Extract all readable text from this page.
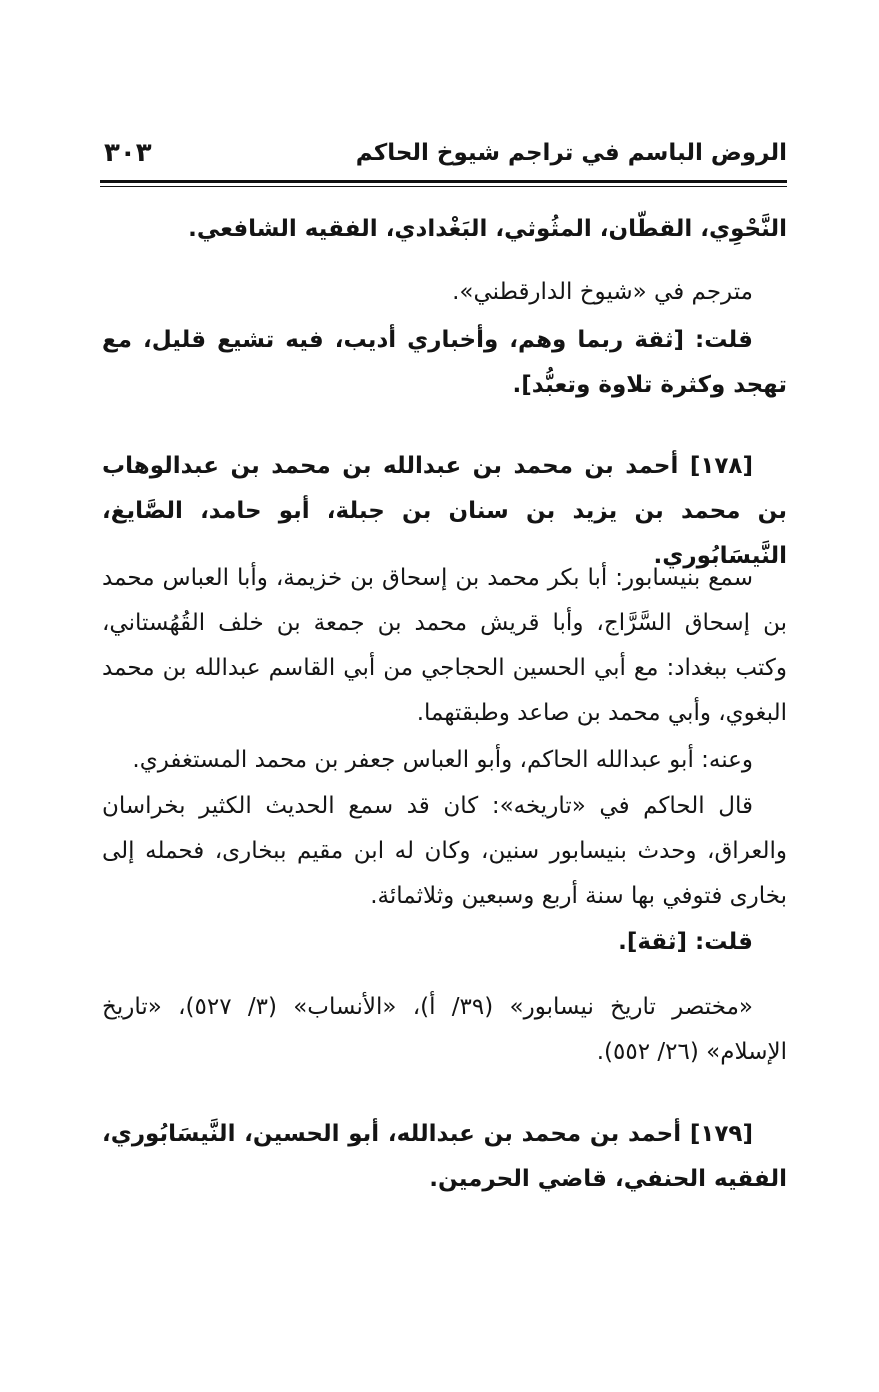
الروض الباسم في تراجم شيوخ الحاكم
٣٠٣

النَّحْوِي، القطّان، المثُوثي، البَغْدادي، الفقيه الشافعي.

مترجم في «شيوخ الدارقطني».

قلت: [ثقة ربما وهم، وأخباري أديب، فيه تشيع قليل، مع تهجد وكثرة تلاوة وتعبُّد].

[١٧٨] أحمد بن محمد بن عبدالله بن محمد بن عبدالوهاب بن محمد بن يزيد بن سنان بن جبلة، أبو حامد، الصَّايغ، النَّيسَابُوري.

سمع بنيسابور: أبا بكر محمد بن إسحاق بن خزيمة، وأبا العباس محمد بن إسحاق السَّرَّاج، وأبا قريش محمد بن جمعة بن خلف القُهُستاني، وكتب ببغداد: مع أبي الحسين الحجاجي من أبي القاسم عبدالله بن محمد البغوي، وأبي محمد بن صاعد وطبقتهما.

وعنه: أبو عبدالله الحاكم، وأبو العباس جعفر بن محمد المستغفري.

قال الحاكم في «تاريخه»: كان قد سمع الحديث الكثير بخراسان والعراق، وحدث بنيسابور سنين، وكان له ابن مقيم ببخارى، فحمله إلى بخارى فتوفي بها سنة أربع وسبعين وثلاثمائة.

قلت: [ثقة].

«مختصر تاريخ نيسابور» (٣٩/ أ)، «الأنساب» (٣/ ٥٢٧)، «تاريخ الإسلام» (٢٦/ ٥٥٢).

[١٧٩] أحمد بن محمد بن عبدالله، أبو الحسين، النَّيسَابُوري، الفقيه الحنفي، قاضي الحرمين.
